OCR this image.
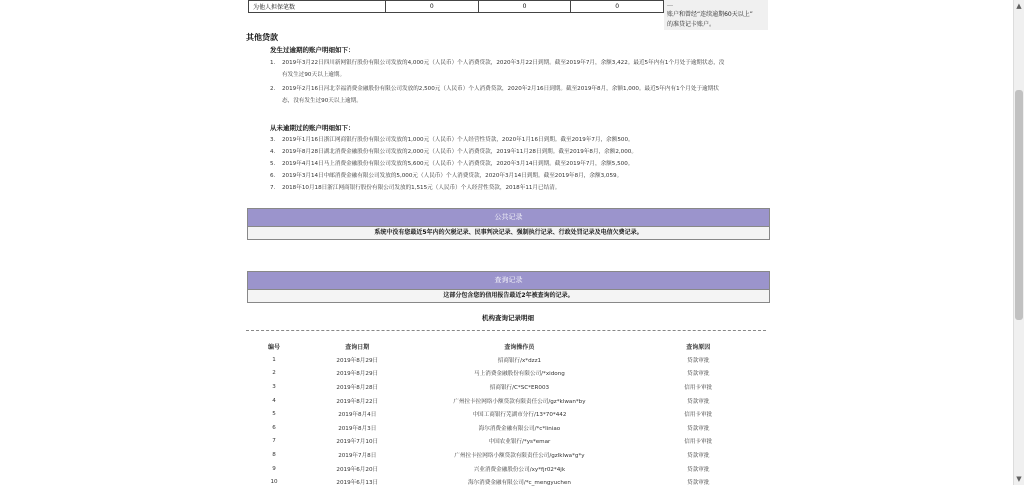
为他人担保笔数	0	0	0	…
账户和曾经“连续逾期60天以上”
的准贷记卡账户。
其他贷款
发生过逾期的账户明细如下：
1. 2019年3月22日四川新网银行股份有限公司发放的4,000元（人民币）个人消费贷款，2020年3月22日到期。截至2019年7月，余额3,422。最近5年内有1个月处于逾期状态，没
有发生过90天以上逾期。
2. 2019年2月16日河北幸福消费金融股份有限公司发放的2,500元（人民币）个人消费贷款，2020年2月16日到期。截至2019年8月，余额1,000。最近5年内有1个月处于逾期状
态，没有发生过90天以上逾期。
从未逾期过的账户明细如下：
3. 2019年1月16日浙江网商银行股份有限公司发放的1,000元（人民币）个人经营性贷款，2020年1月16日到期。截至2019年7月，余额500。
4. 2019年8月28日湖北消费金融股份有限公司发放的2,000元（人民币）个人消费贷款，2019年11月28日到期。截至2019年8月，余额2,000。
5. 2019年4月14日马上消费金融股份有限公司发放的5,600元（人民币）个人消费贷款，2020年3月14日到期。截至2019年7月，余额5,500。
6. 2019年3月14日中邮消费金融有限公司发放的5,000元（人民币）个人消费贷款，2020年3月14日到期。截至2019年8月，余额3,059。
7. 2018年10月18日浙江网商银行股份有限公司发放的1,515元（人民币）个人经营性贷款，2018年11月已结清。
公共记录
系统中没有您最近5年内的欠税记录、民事判决记录、强制执行记录、行政处罚记录及电信欠费记录。
查询记录
这部分包含您的信用报告最近2年被查询的记录。
机构查询记录明细
编号	查询日期	查询操作员	查询原因
1	2019年8月29日	招商银行/x*dzz1	贷款审批
2	2019年8月29日	马上消费金融股份有限公司/*xidong	贷款审批
3	2019年8月28日	招商银行/C*SC*ER003	信用卡审批
4	2019年8月22日	广州拉卡拉网络小额贷款有限责任公司/gz*klwan*by	贷款审批
5	2019年8月4日	中国工商银行芜湖市分行/13*70*442	信用卡审批
6	2019年8月3日	海尔消费金融有限公司/*c*liniao	贷款审批
7	2019年7月10日	中国农业银行/*ys*emar	信用卡审批
8	2019年7月8日	广州拉卡拉网络小额贷款有限责任公司/gzlklwa*g*y	贷款审批
9	2019年6月20日	兴业消费金融股份公司/xy*fjr02*4jk	贷款审批
10	2019年6月13日	海尔消费金融有限公司/*c_mengyuchen	贷款审批
▲
▼
